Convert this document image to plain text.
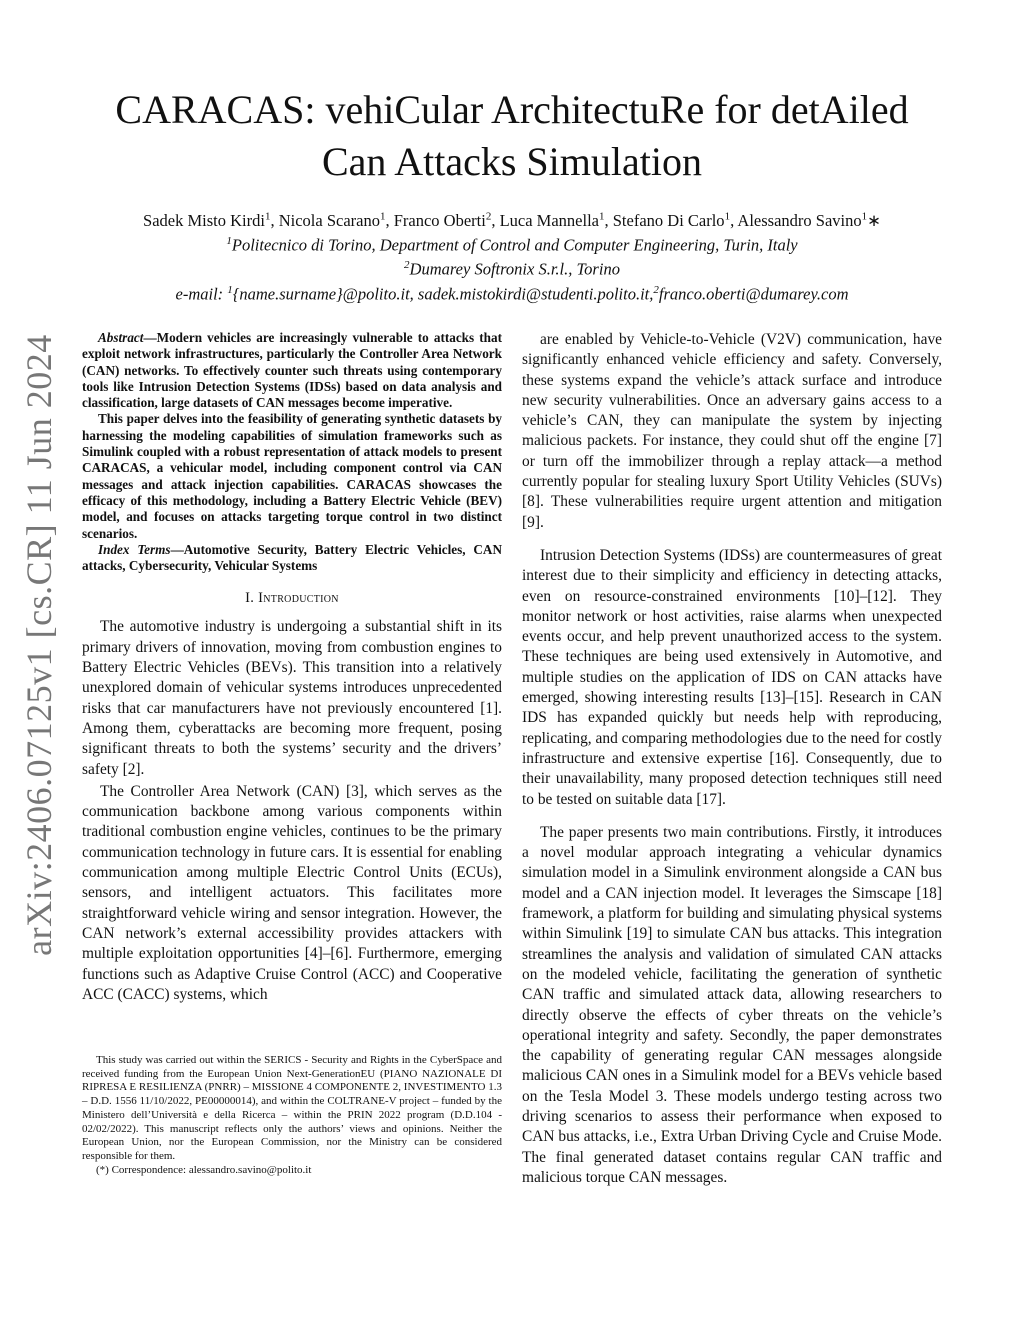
arXiv:2406.07125v1 [cs.CR] 11 Jun 2024
CARACAS: vehiCular ArchitectuRe for detAiled
Can Attacks Simulation
Sadek Misto Kirdi$^1$, Nicola Scarano$^1$, Franco Oberti$^2$, Luca Mannella$^1$, Stefano Di Carlo$^1$, Alessandro Savino$^1$∗
$^1$Politecnico di Torino, Department of Control and Computer Engineering, Turin, Italy
$^2$Dumarey Softronix S.r.l., Torino
e-mail: $^1${name.surname}@polito.it, sadek.mistokirdi@studenti.polito.it,$^2$franco.oberti@dumarey.com

Abstract—Modern vehicles are increasingly vulnerable to attacks that exploit network infrastructures, particularly the Controller Area Network (CAN) networks. To effectively counter such threats using contemporary tools like Intrusion Detection Systems (IDSs) based on data analysis and classification, large datasets of CAN messages become imperative.

This paper delves into the feasibility of generating synthetic datasets by harnessing the modeling capabilities of simulation frameworks such as Simulink coupled with a robust representation of attack models to present CARACAS, a vehicular model, including component control via CAN messages and attack injection capabilities. CARACAS showcases the efficacy of this methodology, including a Battery Electric Vehicle (BEV) model, and focuses on attacks targeting torque control in two distinct scenarios.

Index Terms—Automotive Security, Battery Electric Vehicles, CAN attacks, Cybersecurity, Vehicular Systems

I. Introduction

The automotive industry is undergoing a substantial shift in its primary drivers of innovation, moving from combustion engines to Battery Electric Vehicles (BEVs). This transition into a relatively unexplored domain of vehicular systems introduces unprecedented risks that car manufacturers have not previously encountered [1]. Among them, cyberattacks are becoming more frequent, posing significant threats to both the systems’ security and the drivers’ safety [2].

The Controller Area Network (CAN) [3], which serves as the communication backbone among various components within traditional combustion engine vehicles, continues to be the primary communication technology in future cars. It is essential for enabling communication among multiple Electric Control Units (ECUs), sensors, and intelligent actuators. This facilitates more straightforward vehicle wiring and sensor integration. However, the CAN network’s external accessibility provides attackers with multiple exploitation opportunities [4]–[6]. Furthermore, emerging functions such as Adaptive Cruise Control (ACC) and Cooperative ACC (CACC) systems, which

This study was carried out within the SERICS - Security and Rights in the CyberSpace and received funding from the European Union Next-GenerationEU (PIANO NAZIONALE DI RIPRESA E RESILIENZA (PNRR) – MISSIONE 4 COMPONENTE 2, INVESTIMENTO 1.3 – D.D. 1556 11/10/2022, PE00000014), and within the COLTRANE-V project – funded by the Ministero dell’Università e della Ricerca – within the PRIN 2022 program (D.D.104 - 02/02/2022). This manuscript reflects only the authors’ views and opinions. Neither the European Union, nor the European Commission, nor the Ministry can be considered responsible for them.

(*) Correspondence: alessandro.savino@polito.it

are enabled by Vehicle-to-Vehicle (V2V) communication, have significantly enhanced vehicle efficiency and safety. Conversely, these systems expand the vehicle’s attack surface and introduce new security vulnerabilities. Once an adversary gains access to a vehicle’s CAN, they can manipulate the system by injecting malicious packets. For instance, they could shut off the engine [7] or turn off the immobilizer through a replay attack—a method currently popular for stealing luxury Sport Utility Vehicles (SUVs) [8]. These vulnerabilities require urgent attention and mitigation [9].

Intrusion Detection Systems (IDSs) are countermeasures of great interest due to their simplicity and efficiency in detecting attacks, even on resource-constrained environments [10]–[12]. They monitor network or host activities, raise alarms when unexpected events occur, and help prevent unauthorized access to the system. These techniques are being used extensively in Automotive, and multiple studies on the application of IDS on CAN attacks have emerged, showing interesting results [13]–[15]. Research in CAN IDS has expanded quickly but needs help with reproducing, replicating, and comparing methodologies due to the need for costly infrastructure and extensive expertise [16]. Consequently, due to their unavailability, many proposed detection techniques still need to be tested on suitable data [17].

The paper presents two main contributions. Firstly, it introduces a novel modular approach integrating a vehicular dynamics simulation model in a Simulink environment alongside a CAN bus model and a CAN injection model. It leverages the Simscape [18] framework, a platform for building and simulating physical systems within Simulink [19] to simulate CAN bus attacks. This integration streamlines the analysis and validation of simulated CAN attacks on the modeled vehicle, facilitating the generation of synthetic CAN traffic and simulated attack data, allowing researchers to directly observe the effects of cyber threats on the vehicle’s operational integrity and safety. Secondly, the paper demonstrates the capability of generating regular CAN messages alongside malicious CAN ones in a Simulink model for a BEVs vehicle based on the Tesla Model 3. These models undergo testing across two driving scenarios to assess their performance when exposed to CAN bus attacks, i.e., Extra Urban Driving Cycle and Cruise Mode. The final generated dataset contains regular CAN traffic and malicious torque CAN messages.
